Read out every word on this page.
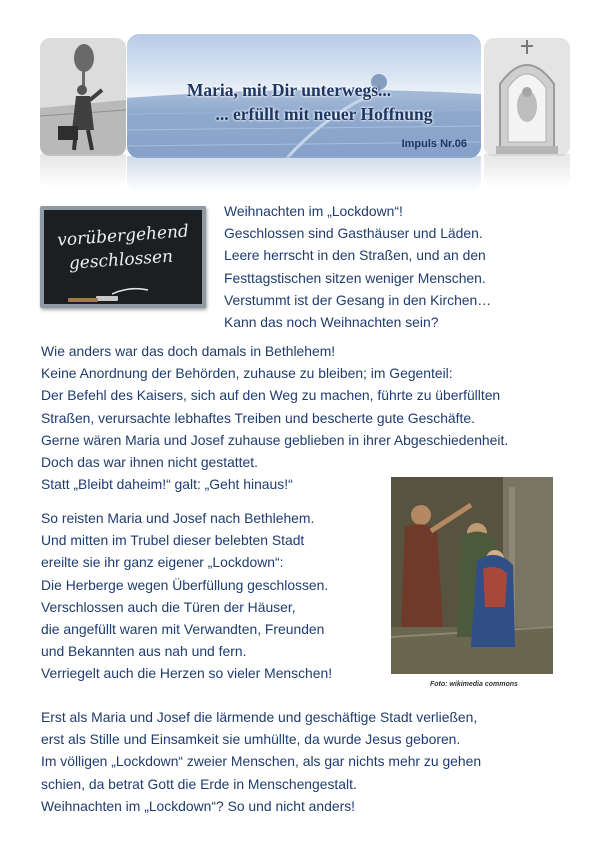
Maria, mit Dir unterwegs...
... erfüllt mit neuer Hoffnung
Impuls Nr.06
vorübergehend
geschlossen
Weihnachten im „Lockdown“!
Geschlossen sind Gasthäuser und Läden.
Leere herrscht in den Straßen, und an den
Festtagstischen sitzen weniger Menschen.
Verstummt ist der Gesang in den Kirchen…
Kann das noch Weihnachten sein?
Wie anders war das doch damals in Bethlehem!
Keine Anordnung der Behörden, zuhause zu bleiben; im Gegenteil:
Der Befehl des Kaisers, sich auf den Weg zu machen, führte zu überfüllten
Straßen, verursachte lebhaftes Treiben und bescherte gute Geschäfte.
Gerne wären Maria und Josef zuhause geblieben in ihrer Abgeschiedenheit.
Doch das war ihnen nicht gestattet.
Statt „Bleibt daheim!“ galt: „Geht hinaus!“
So reisten Maria und Josef nach Bethlehem.
Und mitten im Trubel dieser belebten Stadt
ereilte sie ihr ganz eigener „Lockdown“:
Die Herberge wegen Überfüllung geschlossen.
Verschlossen auch die Türen der Häuser,
die angefüllt waren mit Verwandten, Freunden
und Bekannten aus nah und fern.
Verriegelt auch die Herzen so vieler Menschen!
Foto: wikimedia commons
Erst als Maria und Josef die lärmende und geschäftige Stadt verließen,
erst als Stille und Einsamkeit sie umhüllte, da wurde Jesus geboren.
Im völligen „Lockdown“ zweier Menschen, als gar nichts mehr zu gehen
schien, da betrat Gott die Erde in Menschengestalt.
Weihnachten im „Lockdown“? So und nicht anders!
